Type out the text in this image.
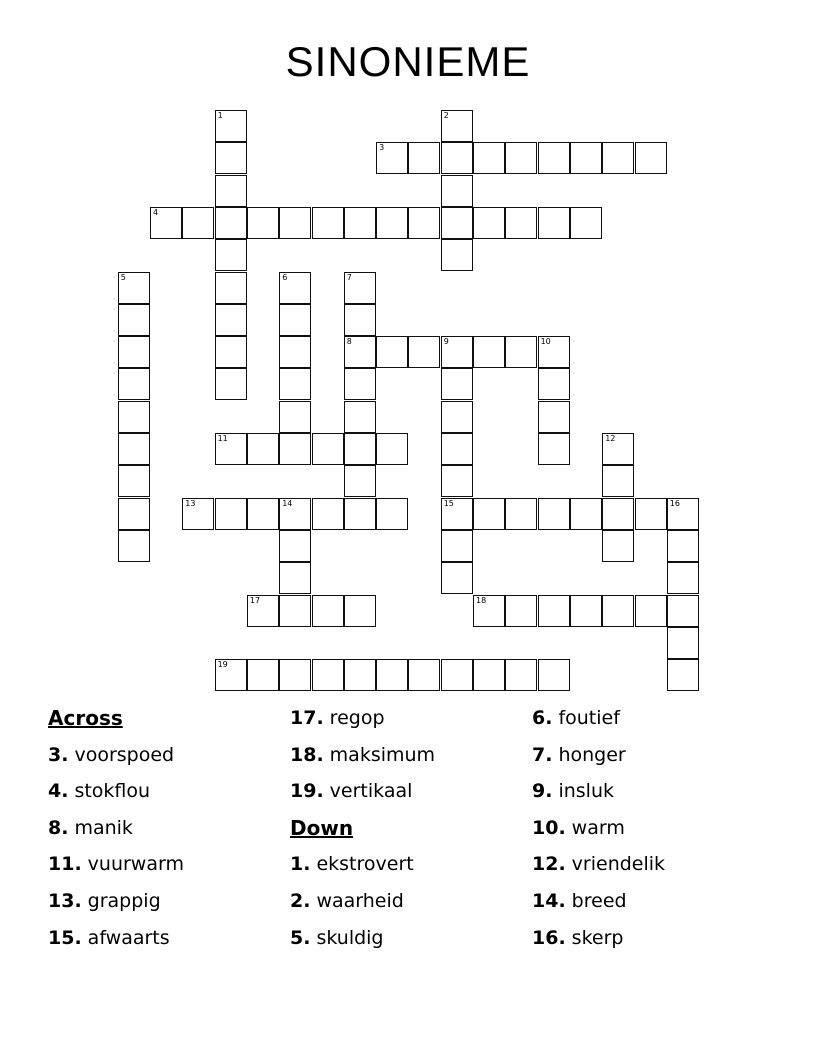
SINONIEME
1	2
3
4
5	6	7
8	9	10
15
11	12
13	14	16
17	18
19
Across
3. voorspoed
4. stokflou
8. manik
11. vuurwarm
13. grappig
15. afwaarts
17. regop
18. maksimum
19. vertikaal
Down
1. ekstrovert
2. waarheid
5. skuldig
6. foutief
7. honger
9. insluk
10. warm
12. vriendelik
14. breed
16. skerp
